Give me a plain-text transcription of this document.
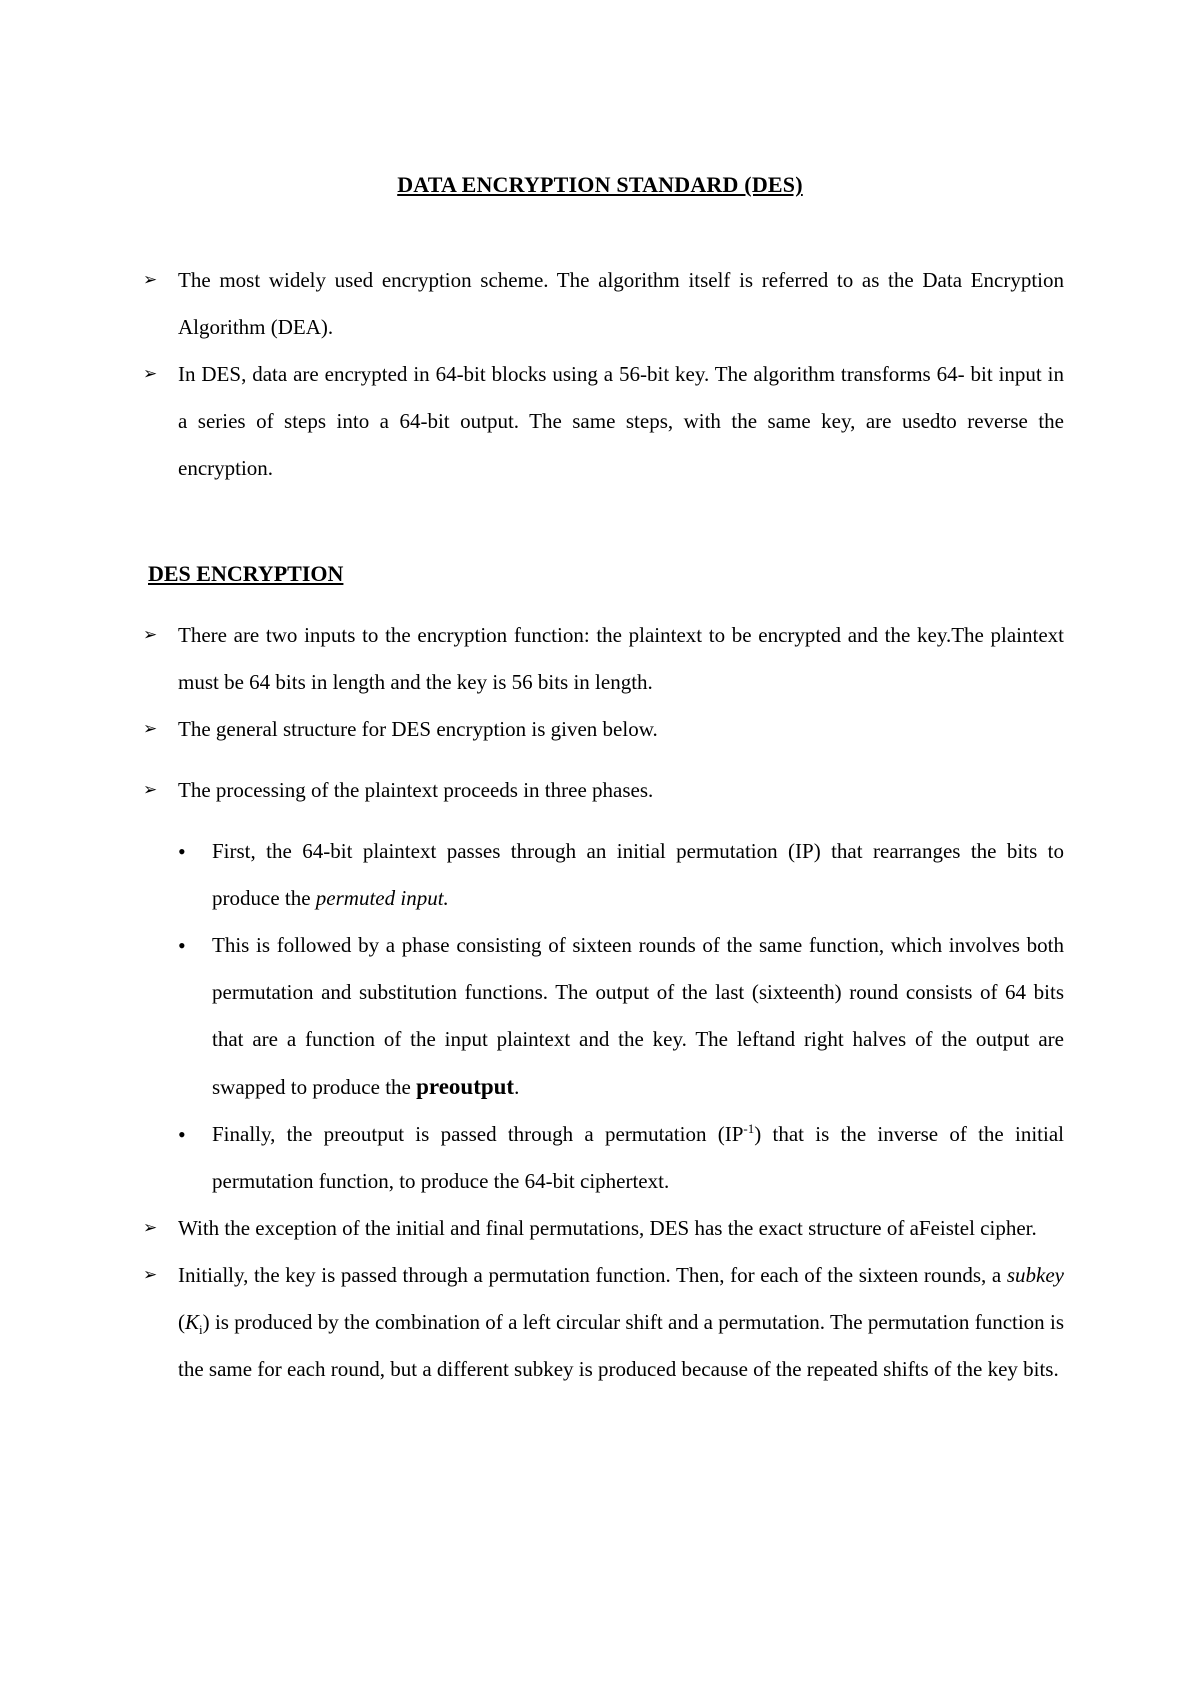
DATA ENCRYPTION STANDARD (DES)
➢ The most widely used encryption scheme. The algorithm itself is referred to as the Data Encryption Algorithm (DEA).
➢ In DES, data are encrypted in 64-bit blocks using a 56-bit key. The algorithm transforms 64- bit input in a series of steps into a 64-bit output. The same steps, with the same key, are usedto reverse the encryption.
DES ENCRYPTION
➢ There are two inputs to the encryption function: the plaintext to be encrypted and the key.The plaintext must be 64 bits in length and the key is 56 bits in length.
➢ The general structure for DES encryption is given below.
➢ The processing of the plaintext proceeds in three phases.
• First, the 64-bit plaintext passes through an initial permutation (IP) that rearranges the bits to produce the permuted input.
• This is followed by a phase consisting of sixteen rounds of the same function, which involves both permutation and substitution functions. The output of the last (sixteenth) round consists of 64 bits that are a function of the input plaintext and the key. The leftand right halves of the output are swapped to produce the preoutput.
• Finally, the preoutput is passed through a permutation $(IP^{-1})$ that is the inverse of the initial permutation function, to produce the 64-bit ciphertext.
➢ With the exception of the initial and final permutations, DES has the exact structure of aFeistel cipher.
➢ Initially, the key is passed through a permutation function. Then, for each of the sixteen rounds, a subkey $(K_i)$ is produced by the combination of a left circular shift and a permutation. The permutation function is the same for each round, but a different subkey is produced because of the repeated shifts of the key bits.
